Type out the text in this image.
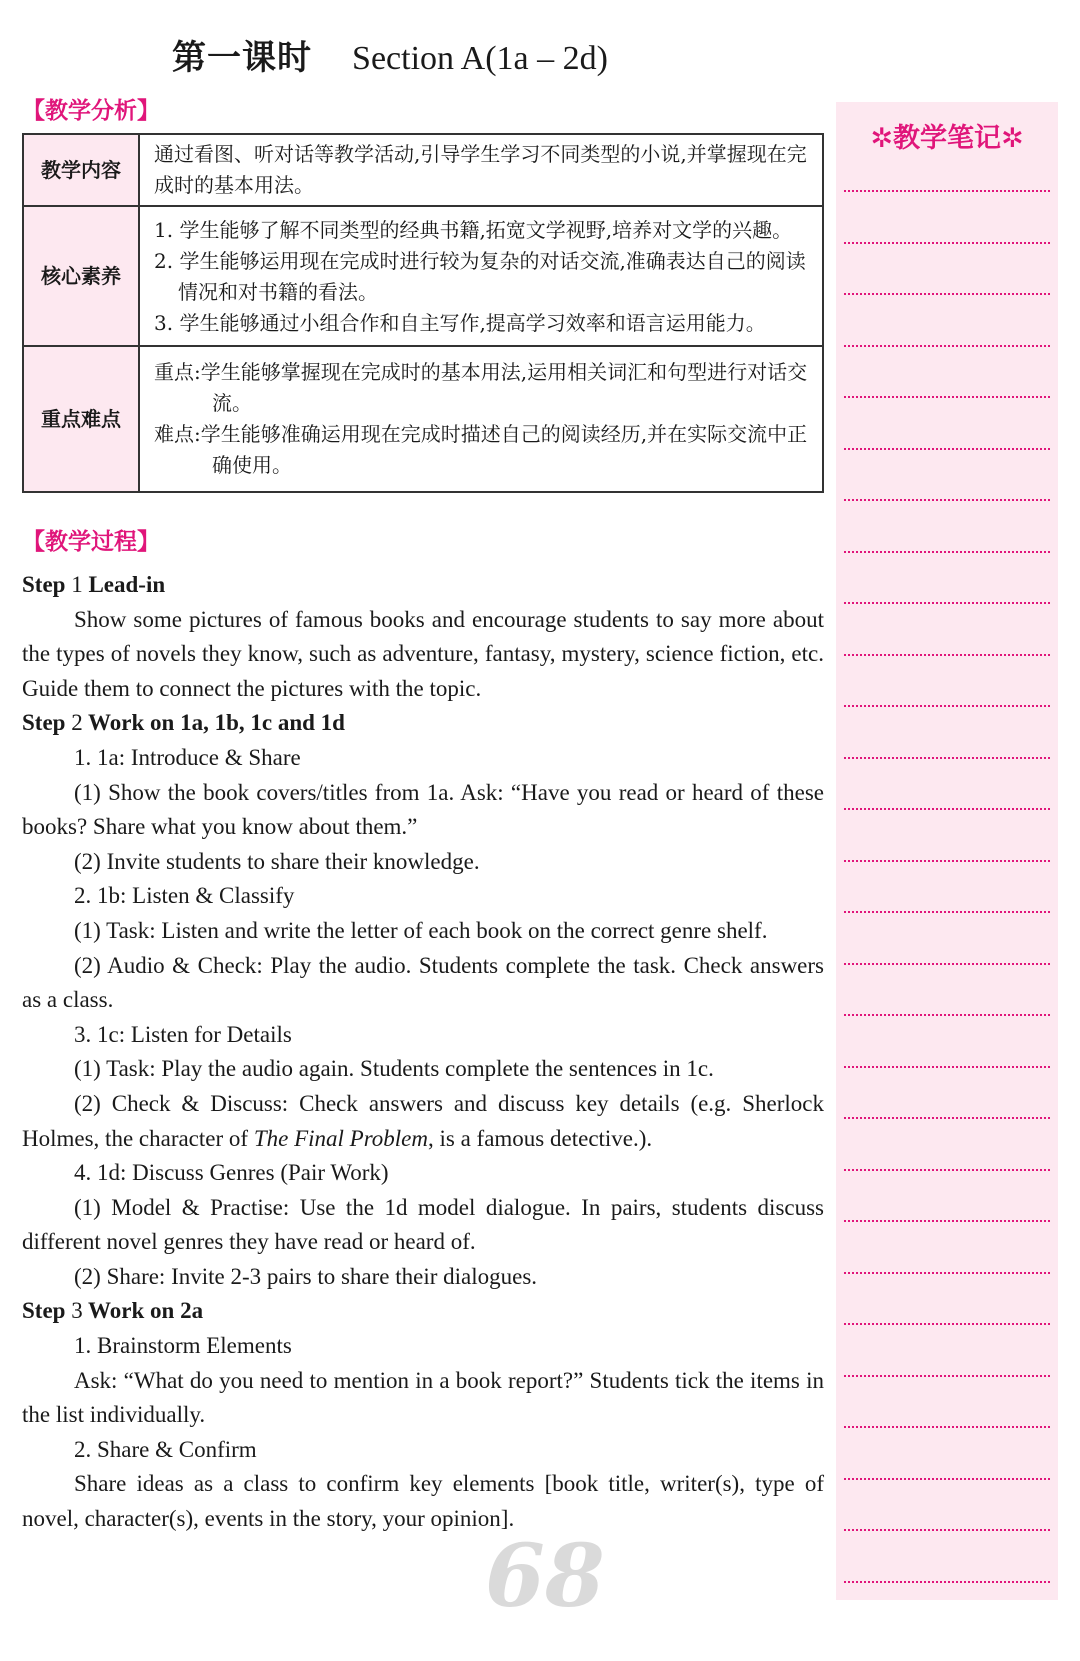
第一课时 Section A(1a – 2d)
【教学分析】
教学内容	通过看图、听对话等教学活动,引导学生学习不同类型的小说,并掌握现在完成时的基本用法。
核心素养	1. 学生能够了解不同类型的经典书籍,拓宽文学视野,培养对文学的兴趣。
2. 学生能够运用现在完成时进行较为复杂的对话交流,准确表达自己的阅读情况和对书籍的看法。
3. 学生能够通过小组合作和自主写作,提高学习效率和语言运用能力。

重点难点	重点:学生能够掌握现在完成时的基本用法,运用相关词汇和句型进行对话交流。
难点:学生能够准确运用现在完成时描述自己的阅读经历,并在实际交流中正确使用。
【教学过程】

Step 1 Lead-in

Show some pictures of famous books and encourage students to say more about the types of novels they know, such as adventure, fantasy, mystery, science fiction, etc. Guide them to connect the pictures with the topic.

Step 2 Work on 1a, 1b, 1c and 1d

1. 1a: Introduce & Share

(1) Show the book covers/titles from 1a. Ask: “Have you read or heard of these books? Share what you know about them.”

(2) Invite students to share their knowledge.

2. 1b: Listen & Classify

(1) Task: Listen and write the letter of each book on the correct genre shelf.

(2) Audio & Check: Play the audio. Students complete the task. Check answers as a class.

3. 1c: Listen for Details

(1) Task: Play the audio again. Students complete the sentences in 1c.

(2) Check & Discuss: Check answers and discuss key details (e.g. Sherlock Holmes, the character of The Final Problem, is a famous detective.).

4. 1d: Discuss Genres (Pair Work)

(1) Model & Practise: Use the 1d model dialogue. In pairs, students discuss different novel genres they have read or heard of.

(2) Share: Invite 2-3 pairs to share their dialogues.

Step 3 Work on 2a

1. Brainstorm Elements

Ask: “What do you need to mention in a book report?” Students tick the items in the list individually.

2. Share & Confirm

Share ideas as a class to confirm key elements [book title, writer(s), type of novel, character(s), events in the story, your opinion].

✲教学笔记✲
68
